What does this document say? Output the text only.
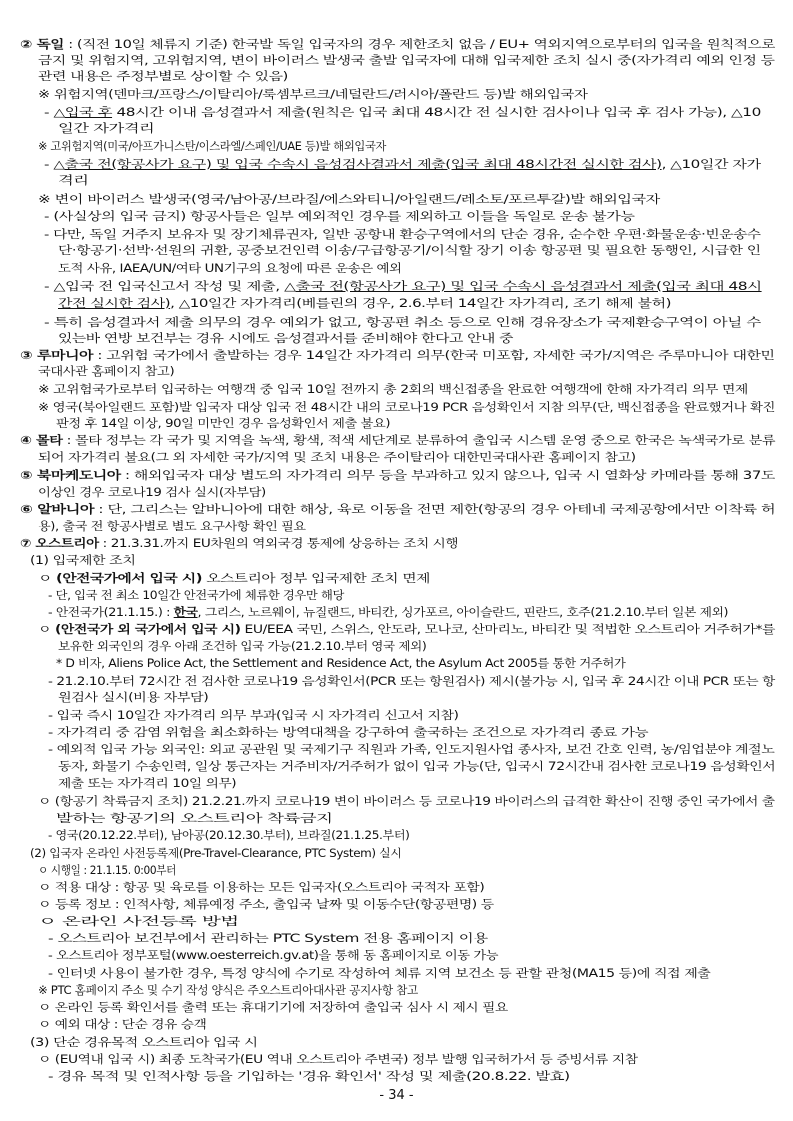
② 독일 : (직전 10일 체류지 기준) 한국발 독일 입국자의 경우 제한조치 없음 / EU+ 역외지역으로부터의 입국을 원칙적으로
금지 및 위험지역, 고위험지역, 변이 바이러스 발생국 출발 입국자에 대해 입국제한 조치 실시 중(자가격리 예외 인정 등
관련 내용은 주정부별로 상이할 수 있음)
※ 위험지역(덴마크/프랑스/이탈리아/룩셈부르크/네덜란드/러시아/폴란드 등)발 해외입국자
- △입국 후 48시간 이내 음성결과서 제출(원칙은 입국 최대 48시간 전 실시한 검사이나 입국 후 검사 가능), △10
일간 자가격리
※ 고위험지역(미국/아프가니스탄/이스라엘/스페인/UAE 등)발 해외입국자
- △출국 전(항공사가 요구) 및 입국 수속시 음성검사결과서 제출(입국 최대 48시간전 실시한 검사), △10일간 자가
격리
※ 변이 바이러스 발생국(영국/남아공/브라질/에스와티니/아일랜드/레소토/포르투갈)발 해외입국자
- (사실상의 입국 금지) 항공사들은 일부 예외적인 경우를 제외하고 이들을 독일로 운송 불가능
- 다만, 독일 거주지 보유자 및 장기체류권자, 일반 공항내 환승구역에서의 단순 경유, 순수한 우편·화물운송·빈운송수
단·항공기·선박·선원의 귀환, 공중보건인력 이송/구급항공기/이식할 장기 이송 항공편 및 필요한 동행인, 시급한 인
도적 사유, IAEA/UN/여타 UN기구의 요청에 따른 운송은 예외
- △입국 전 입국신고서 작성 및 제출, △출국 전(항공사가 요구) 및 입국 수속시 음성결과서 제출(입국 최대 48시
간전 실시한 검사), △10일간 자가격리(베를린의 경우, 2.6.부터 14일간 자가격리, 조기 해제 불허)
- 특히 음성결과서 제출 의무의 경우 예외가 없고, 항공편 취소 등으로 인해 경유장소가 국제환승구역이 아닐 수
있는바 연방 보건부는 경유 시에도 음성결과서를 준비해야 한다고 안내 중
③ 루마니아 : 고위험 국가에서 출발하는 경우 14일간 자가격리 의무(한국 미포함, 자세한 국가/지역은 주루마니아 대한민
국대사관 홈페이지 참고)
※ 고위험국가로부터 입국하는 여행객 중 입국 10일 전까지 총 2회의 백신접종을 완료한 여행객에 한해 자가격리 의무 면제
※ 영국(북아일랜드 포함)발 입국자 대상 입국 전 48시간 내의 코로나19 PCR 음성확인서 지참 의무(단, 백신접종을 완료했거나 확진
판정 후 14일 이상, 90일 미만인 경우 음성확인서 제출 불요)
④ 몰타 : 몰타 정부는 각 국가 및 지역을 녹색, 황색, 적색 세단계로 분류하여 출입국 시스템 운영 중으로 한국은 녹색국가로 분류
되어 자가격리 불요(그 외 자세한 국가/지역 및 조치 내용은 주이탈리아 대한민국대사관 홈페이지 참고)
⑤ 북마케도니아 : 해외입국자 대상 별도의 자가격리 의무 등을 부과하고 있지 않으나, 입국 시 열화상 카메라를 통해 37도
이상인 경우 코로나19 검사 실시(자부담)
⑥ 알바니아 : 단, 그리스는 알바니아에 대한 해상, 육로 이동을 전면 제한(항공의 경우 아테네 국제공항에서만 이착륙 허
용), 출국 전 항공사별로 별도 요구사항 확인 필요
⑦ 오스트리아 : 21.3.31.까지 EU차원의 역외국경 통제에 상응하는 조치 시행
(1) 입국제한 조치
ㅇ (안전국가에서 입국 시) 오스트리아 정부 입국제한 조치 면제
- 단, 입국 전 최소 10일간 안전국가에 체류한 경우만 해당
- 안전국가(21.1.15.) : 한국, 그리스, 노르웨이, 뉴질랜드, 바티칸, 싱가포르, 아이슬란드, 핀란드, 호주(21.2.10.부터 일본 제외)
ㅇ (안전국가 외 국가에서 입국 시) EU/EEA 국민, 스위스, 안도라, 모나코, 산마리노, 바티칸 및 적법한 오스트리아 거주허가*를
보유한 외국인의 경우 아래 조건하 입국 가능(21.2.10.부터 영국 제외)
* D 비자, Aliens Police Act, the Settlement and Residence Act, the Asylum Act 2005를 통한 거주허가
- 21.2.10.부터 72시간 전 검사한 코로나19 음성확인서(PCR 또는 항원검사) 제시(불가능 시, 입국 후 24시간 이내 PCR 또는 항
원검사 실시(비용 자부담)
- 입국 즉시 10일간 자가격리 의무 부과(입국 시 자가격리 신고서 지참)
- 자가격리 중 감염 위험을 최소화하는 방역대책을 강구하여 출국하는 조건으로 자가격리 종료 가능
- 예외적 입국 가능 외국인: 외교 공관원 및 국제기구 직원과 가족, 인도지원사업 종사자, 보건 간호 인력, 농/임업분야 계절노
동자, 화물기 수송인력, 일상 통근자는 거주비자/거주허가 없이 입국 가능(단, 입국시 72시간내 검사한 코로나19 음성확인서
제출 또는 자가격리 10일 의무)
ㅇ (항공기 착륙금지 조치) 21.2.21.까지 코로나19 변이 바이러스 등 코로나19 바이러스의 급격한 확산이 진행 중인 국가에서 출
발하는 항공기의 오스트리아 착륙금지
- 영국(20.12.22.부터), 남아공(20.12.30.부터), 브라질(21.1.25.부터)
(2) 입국자 온라인 사전등록제(Pre-Travel-Clearance, PTC System) 실시
ㅇ 시행일 : 21.1.15. 0:00부터
ㅇ 적용 대상 : 항공 및 육로를 이용하는 모든 입국자(오스트리아 국적자 포함)
ㅇ 등록 정보 : 인적사항, 체류예정 주소, 출입국 날짜 및 이동수단(항공편명) 등
ㅇ 온라인 사전등록 방법
- 오스트리아 보건부에서 관리하는 PTC System 전용 홈페이지 이용
- 오스트리아 정부포털(www.oesterreich.gv.at)을 통해 동 홈페이지로 이동 가능
- 인터넷 사용이 불가한 경우, 특정 양식에 수기로 작성하여 체류 지역 보건소 등 관할 관청(MA15 등)에 직접 제출
※ PTC 홈페이지 주소 및 수기 작성 양식은 주오스트리아대사관 공지사항 참고
ㅇ 온라인 등록 확인서를 출력 또는 휴대기기에 저장하여 출입국 심사 시 제시 필요
ㅇ 예외 대상 : 단순 경유 승객
(3) 단순 경유목적 오스트리아 입국 시
ㅇ (EU역내 입국 시) 최종 도착국가(EU 역내 오스트리아 주변국) 정부 발행 입국허가서 등 증빙서류 지참
- 경유 목적 및 인적사항 등을 기입하는 '경유 확인서' 작성 및 제출(20.8.22. 발효)
- 34 -
